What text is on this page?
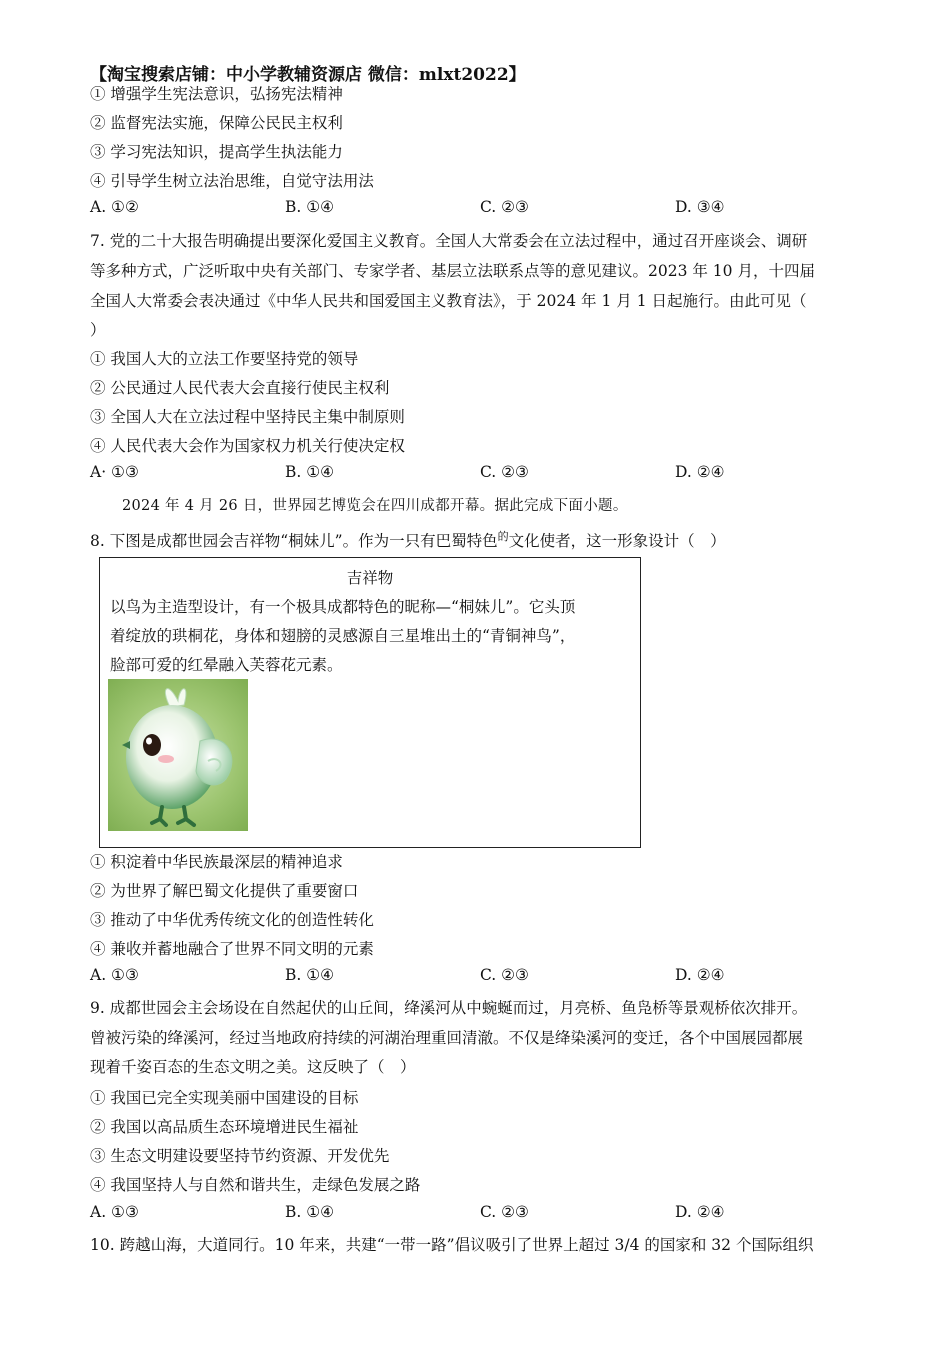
【淘宝搜索店铺：中小学教辅资源店 微信：mlxt2022】
① 增强学生宪法意识，弘扬宪法精神
② 监督宪法实施，保障公民民主权利
③ 学习宪法知识，提高学生执法能力
④ 引导学生树立法治思维，自觉守法用法
A. ①②	B. ①④	C. ②③	D. ③④
7. 党的二十大报告明确提出要深化爱国主义教育。全国人大常委会在立法过程中，通过召开座谈会、调研
等多种方式，广泛听取中央有关部门、专家学者、基层立法联系点等的意见建议。2023 年 10 月，十四届
全国人大常委会表决通过《中华人民共和国爱国主义教育法》，于 2024 年 1 月 1 日起施行。由此可见（
）
① 我国人大的立法工作要坚持党的领导
② 公民通过人民代表大会直接行使民主权利
③ 全国人大在立法过程中坚持民主集中制原则
④ 人民代表大会作为国家权力机关行使决定权
A· ①③	B. ①④	C. ②③	D. ②④
2024 年 4 月 26 日，世界园艺博览会在四川成都开幕。据此完成下面小题。
8. 下图是成都世园会吉祥物“桐妹儿”。作为一只有巴蜀特色$^的$文化使者，这一形象设计（　）
吉祥物
以鸟为主造型设计，有一个极具成都特色的昵称—“桐妹儿”。它头顶
着绽放的珙桐花，身体和翅膀的灵感源自三星堆出土的“青铜神鸟”，
脸部可爱的红晕融入芙蓉花元素。
① 积淀着中华民族最深层的精神追求
② 为世界了解巴蜀文化提供了重要窗口
③ 推动了中华优秀传统文化的创造性转化
④ 兼收并蓄地融合了世界不同文明的元素
A. ①③	B. ①④	C. ②③	D. ②④
9. 成都世园会主会场设在自然起伏的山丘间，绛溪河从中蜿蜒而过，月亮桥、鱼凫桥等景观桥依次排开。
曾被污染的绛溪河，经过当地政府持续的河湖治理重回清澈。不仅是绛染溪河的变迁，各个中国展园都展
现着千姿百态的生态文明之美。这反映了（　）
① 我国已完全实现美丽中国建设的目标
② 我国以高品质生态环境增进民生福祉
③ 生态文明建设要坚持节约资源、开发优先
④ 我国坚持人与自然和谐共生，走绿色发展之路
A. ①③	B. ①④	C. ②③	D. ②④
10. 跨越山海，大道同行。10 年来，共建“一带一路”倡议吸引了世界上超过 3/4 的国家和 32 个国际组织
